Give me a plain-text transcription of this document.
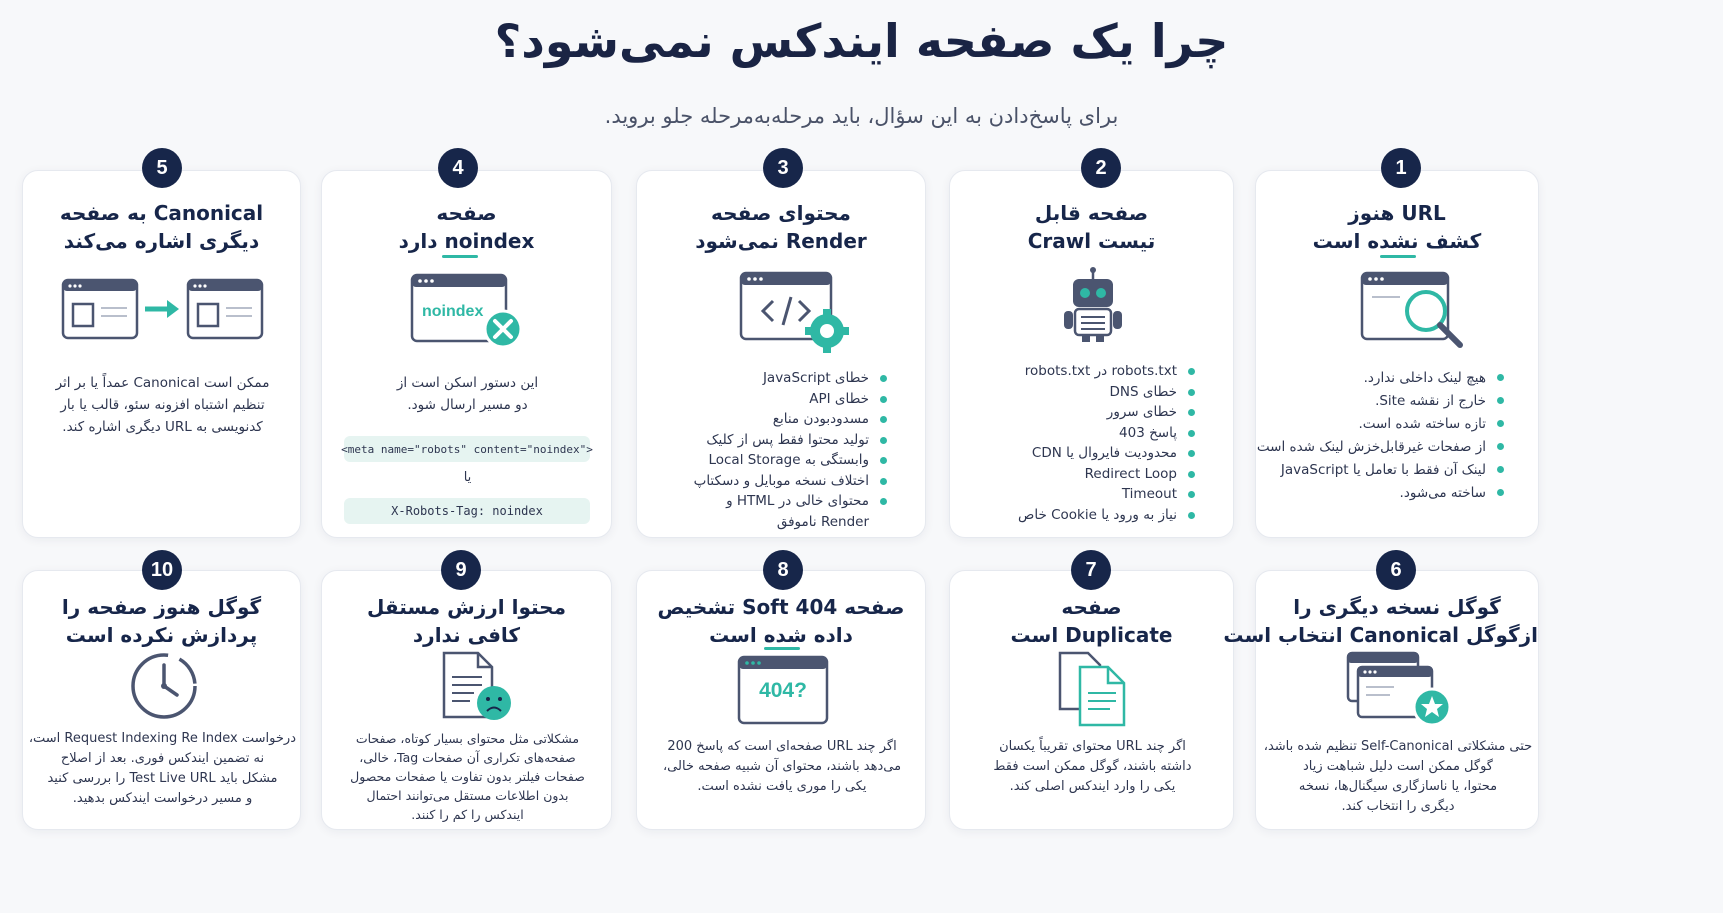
چرا یک صفحه ایندکس نمی‌شود؟
برای پاسخ‌دادن به این سؤال، باید مرحله‌به‌مرحله جلو بروید.
Canonical به صفحه
دیگری اشاره می‌کند
ممکن است Canonical عمداً یا بر اثر
تنظیم اشتباه افزونه سئو، قالب یا بار
کدنویسی به URL دیگری اشاره کند.
5
صفحه
noindex دارد
noindex
این دستور اسکن است از
دو مسیر ارسال شود.
<meta name="robots" content="noindex">
یا
X-Robots-Tag: noindex
4
محتوای صفحه
Render نمی‌شود
خطای JavaScript
خطای API
مسدودبودن منابع
تولید محتوا فقط پس از کلیک
وابستگی به Local Storage
اختلاف نسخه موبایل و دسکتاپ
محتوای خالی در HTML و
Render ناموفق
3
صفحه قابل
تیست Crawl
robots.txt در robots.txt
خطای DNS
خطای سرور
پاسخ 403
محدودیت فایروال یا CDN
Redirect Loop
Timeout
نیاز به ورود یا Cookie خاص
2
URL هنوز
کشف نشده است
هیچ لینک داخلی ندارد.
خارج از نقشه Site.
تازه ساخته شده است.
از صفحات غیرقابل‌خزش لینک شده است
لینک آن فقط با تعامل یا JavaScript
ساخته می‌شود.
1
گوگل هنوز صفحه را
پردازش نکرده است
درخواست Request Indexing Re Index است،
نه تضمین ایندکس فوری. بعد از اصلاح
مشکل باید Test Live URL را بررسی کنید
و مسیر درخواست ایندکس بدهید.
10
محتوا ارزش مستقل
کافی ندارد
مشکلاتی مثل محتوای بسیار کوتاه، صفحات
صفحه‌های تکراری آن صفحات Tag، خالی،
صفحات فیلتر بدون تفاوت یا صفحات محصول
بدون اطلاعات مستقل می‌توانند احتمال
ایندکس را کم را کنند.
9
صفحه Soft 404 تشخیص
داده شده است
404?
اگر چند URL صفحه‌ای است که پاسخ 200
می‌دهد باشند، محتوای آن شبیه صفحه خالی،
یکی را موری یافت نشده است.
8
صفحه
Duplicate است
اگر چند URL محتوای تقریباً یکسان
داشته باشند، گوگل ممکن است فقط
یکی را وارد ایندکس اصلی کند.
7
گوگل نسخه دیگری را
ازگوگل Canonical انتخاب است
حتی مشکلاتی Self-Canonical تنظیم شده باشد،
گوگل ممکن است دلیل شباهت زیاد
محتوا، یا ناسازگاری سیگنال‌ها، نسخه
دیگری را انتخاب کند.
6
